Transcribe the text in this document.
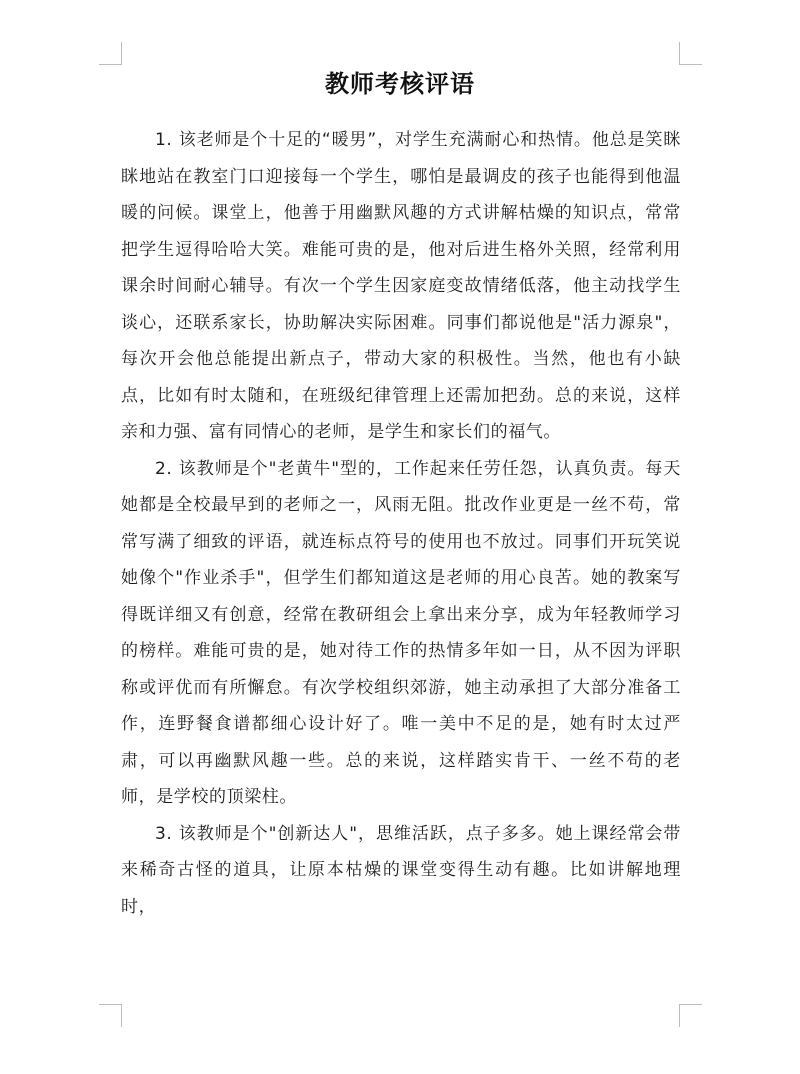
教师考核评语

1. 该老师是个十足的“暖男”，对学生充满耐心和热情。他总是笑眯眯地站在教室门口迎接每一个学生，哪怕是最调皮的孩子也能得到他温暖的问候。课堂上，他善于用幽默风趣的方式讲解枯燥的知识点，常常把学生逗得哈哈大笑。难能可贵的是，他对后进生格外关照，经常利用课余时间耐心辅导。有次一个学生因家庭变故情绪低落，他主动找学生谈心，还联系家长，协助解决实际困难。同事们都说他是"活力源泉"，每次开会他总能提出新点子，带动大家的积极性。当然，他也有小缺点，比如有时太随和，在班级纪律管理上还需加把劲。总的来说，这样亲和力强、富有同情心的老师，是学生和家长们的福气。

2. 该教师是个"老黄牛"型的，工作起来任劳任怨，认真负责。每天她都是全校最早到的老师之一，风雨无阻。批改作业更是一丝不苟，常常写满了细致的评语，就连标点符号的使用也不放过。同事们开玩笑说她像个"作业杀手"，但学生们都知道这是老师的用心良苦。她的教案写得既详细又有创意，经常在教研组会上拿出来分享，成为年轻教师学习的榜样。难能可贵的是，她对待工作的热情多年如一日，从不因为评职称或评优而有所懈怠。有次学校组织郊游，她主动承担了大部分准备工作，连野餐食谱都细心设计好了。唯一美中不足的是，她有时太过严肃，可以再幽默风趣一些。总的来说，这样踏实肯干、一丝不苟的老师，是学校的顶梁柱。

3. 该教师是个"创新达人"，思维活跃，点子多多。她上课经常会带来稀奇古怪的道具，让原本枯燥的课堂变得生动有趣。比如讲解地理时，
